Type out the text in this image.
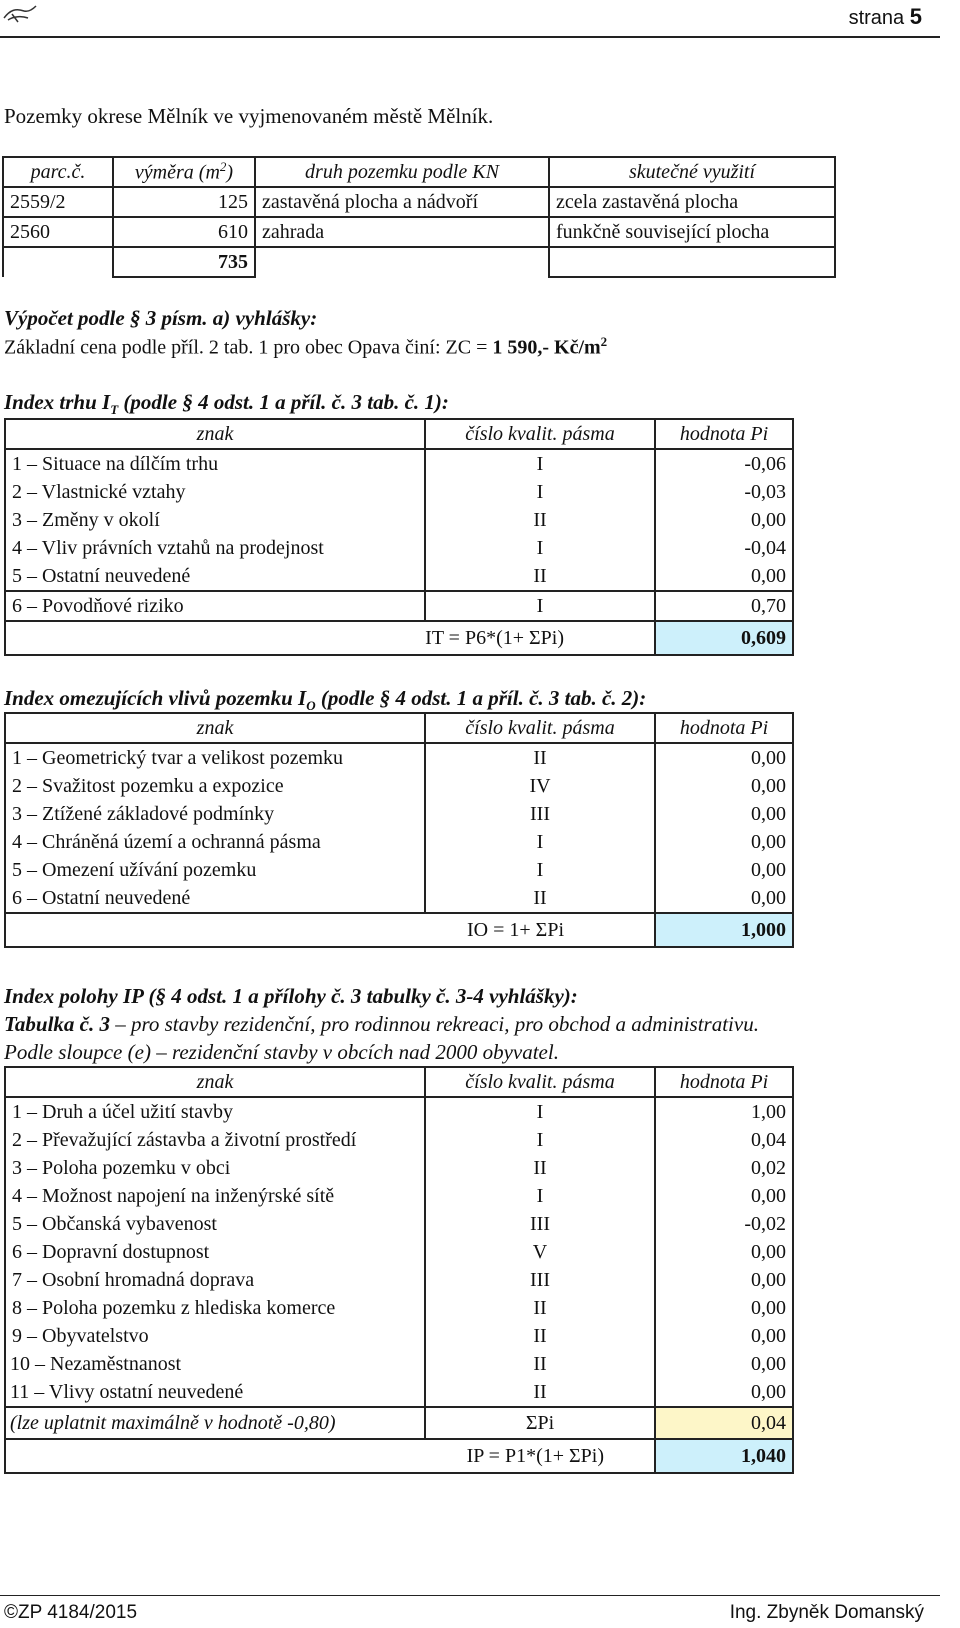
strana 5
Pozemky okrese Mělník ve vyjmenovaném městě Mělník.
parc.č.	výměra $(m^2)$	druh pozemku podle KN	skutečné využití
2559/2	125	zastavěná plocha a nádvoří	zcela zastavěná plocha
2560	610	zahrada	funkčně související plocha
	735		
Výpočet podle § 3 písm. a) vyhlášky:
Základní cena podle příl. 2 tab. 1 pro obec Opava činí: ZC = 1 590,- $Kč/m^2$
Index trhu $I_T$ (podle § 4 odst. 1 a příl. č. 3 tab. č. 1):
znak	číslo kvalit. pásma	hodnota Pi
1 – Situace na dílčím trhu	I	-0,06
2 – Vlastnické vztahy	I	-0,03
3 – Změny v okolí	II	0,00
4 – Vliv právních vztahů na prodejnost	I	-0,04
5 – Ostatní neuvedené	II	0,00
6 – Povodňové riziko	I	0,70
IT = P6*(1+ ΣPi)		0,609
Index omezujících vlivů pozemku $I_O$ (podle § 4 odst. 1 a příl. č. 3 tab. č. 2):
znak	číslo kvalit. pásma	hodnota Pi
1 – Geometrický tvar a velikost pozemku	II	0,00
2 – Svažitost pozemku a expozice	IV	0,00
3 – Ztížené základové podmínky	III	0,00
4 – Chráněná území a ochranná pásma	I	0,00
5 – Omezení užívání pozemku	I	0,00
6 – Ostatní neuvedené	II	0,00
IO = 1+ ΣPi		1,000
Index polohy IP (§ 4 odst. 1 a přílohy č. 3 tabulky č. 3-4 vyhlášky):
Tabulka č. 3 – pro stavby rezidenční, pro rodinnou rekreaci, pro obchod a administrativu.
Podle sloupce (e) – rezidenční stavby v obcích nad 2000 obyvatel.
znak	číslo kvalit. pásma	hodnota Pi
1 – Druh a účel užití stavby	I	1,00
2 – Převažující zástavba a životní prostředí	I	0,04
3 – Poloha pozemku v obci	II	0,02
4 – Možnost napojení na inženýrské sítě	I	0,00
5 – Občanská vybavenost	III	-0,02
6 – Dopravní dostupnost	V	0,00
7 – Osobní hromadná doprava	III	0,00
8 – Poloha pozemku z hlediska komerce	II	0,00
9 – Obyvatelstvo	II	0,00
10 – Nezaměstnanost	II	0,00
11 – Vlivy ostatní neuvedené	II	0,00
(lze uplatnit maximálně v hodnotě -0,80)	ΣPi	0,04
IP = P1*(1+ ΣPi)		1,040
©ZP 4184/2015	Ing. Zbyněk Domanský
